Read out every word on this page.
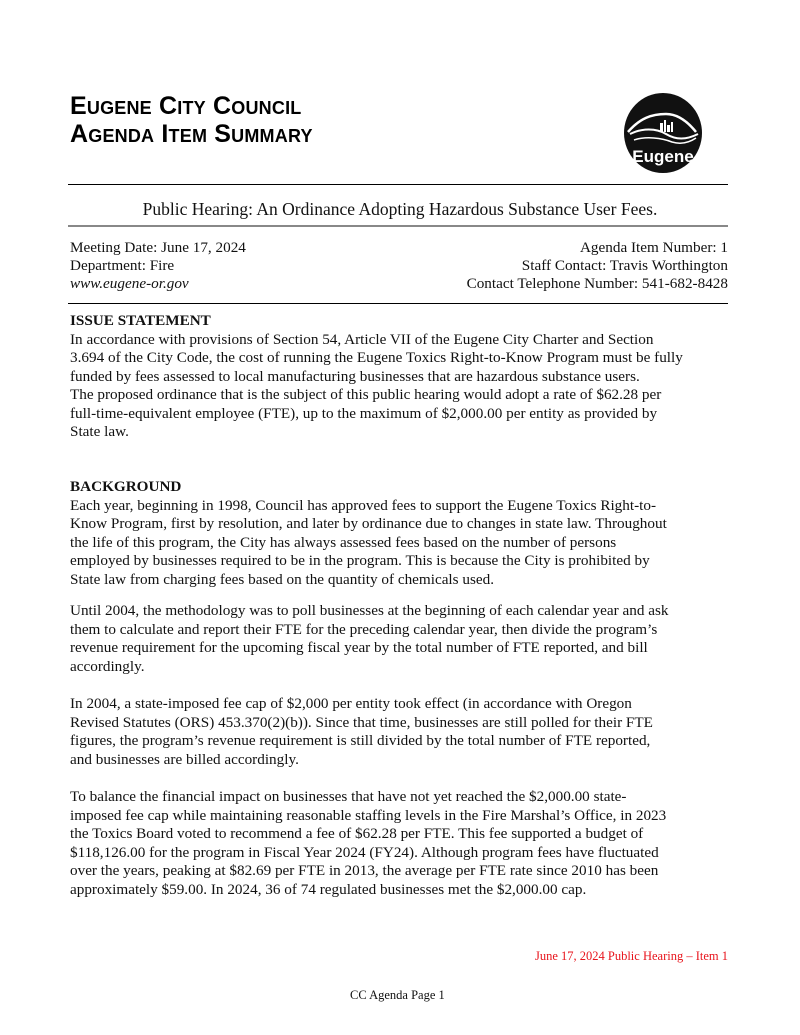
Eugene City Council
Agenda Item Summary
Eugene
Public Hearing: An Ordinance Adopting Hazardous Substance User Fees.
Meeting Date: June 17, 2024
Department: Fire
www.eugene-or.gov
Agenda Item Number: 1
Staff Contact: Travis Worthington
Contact Telephone Number: 541-682-8428
ISSUE STATEMENT
In accordance with provisions of Section 54, Article VII of the Eugene City Charter and Section
3.694 of the City Code, the cost of running the Eugene Toxics Right-to-Know Program must be fully
funded by fees assessed to local manufacturing businesses that are hazardous substance users.
The proposed ordinance that is the subject of this public hearing would adopt a rate of $62.28 per
full-time-equivalent employee (FTE), up to the maximum of $2,000.00 per entity as provided by
State law.
BACKGROUND
Each year, beginning in 1998, Council has approved fees to support the Eugene Toxics Right-to-
Know Program, first by resolution, and later by ordinance due to changes in state law. Throughout
the life of this program, the City has always assessed fees based on the number of persons
employed by businesses required to be in the program. This is because the City is prohibited by
State law from charging fees based on the quantity of chemicals used.
Until 2004, the methodology was to poll businesses at the beginning of each calendar year and ask
them to calculate and report their FTE for the preceding calendar year, then divide the program’s
revenue requirement for the upcoming fiscal year by the total number of FTE reported, and bill
accordingly.
In 2004, a state-imposed fee cap of $2,000 per entity took effect (in accordance with Oregon
Revised Statutes (ORS) 453.370(2)(b)). Since that time, businesses are still polled for their FTE
figures, the program’s revenue requirement is still divided by the total number of FTE reported,
and businesses are billed accordingly.
To balance the financial impact on businesses that have not yet reached the $2,000.00 state-
imposed fee cap while maintaining reasonable staffing levels in the Fire Marshal’s Office, in 2023
the Toxics Board voted to recommend a fee of $62.28 per FTE. This fee supported a budget of
$118,126.00 for the program in Fiscal Year 2024 (FY24). Although program fees have fluctuated
over the years, peaking at $82.69 per FTE in 2013, the average per FTE rate since 2010 has been
approximately $59.00. In 2024, 36 of 74 regulated businesses met the $2,000.00 cap.
June 17, 2024 Public Hearing – Item 1
CC Agenda Page 1
